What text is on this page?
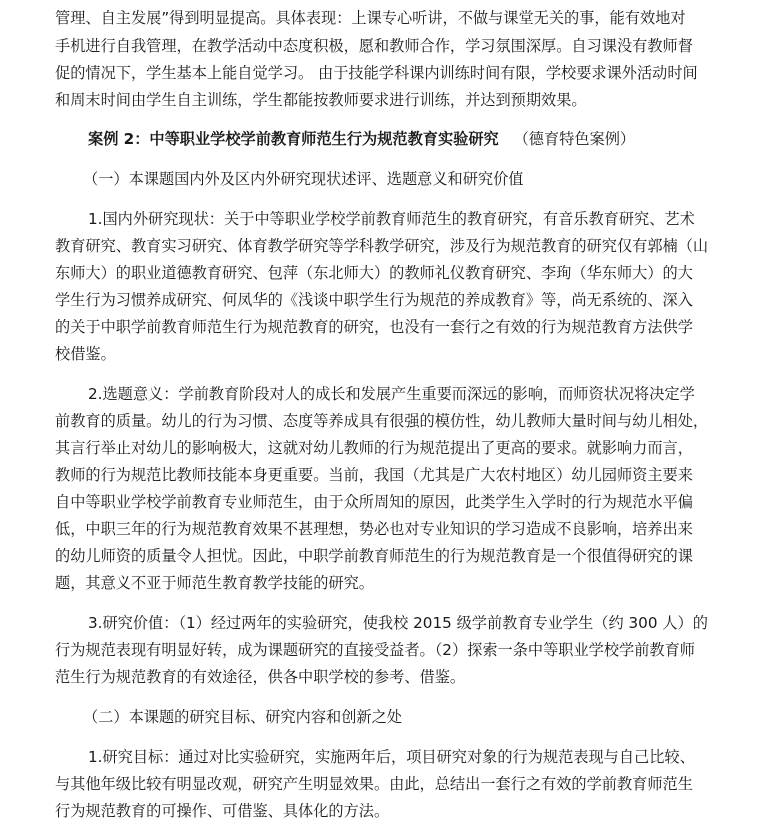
管理、自主发展”得到明显提高。具体表现：上课专心听讲，不做与课堂无关的事，能有效地对
手机进行自我管理，在教学活动中态度积极，愿和教师合作，学习氛围深厚。自习课没有教师督
促的情况下，学生基本上能自觉学习。 由于技能学科课内训练时间有限，学校要求课外活动时间
和周末时间由学生自主训练，学生都能按教师要求进行训练，并达到预期效果。
案例 2：中等职业学校学前教育师范生行为规范教育实验研究 （德育特色案例）
（一）本课题国内外及区内外研究现状述评、选题意义和研究价值
1.国内外研究现状：关于中等职业学校学前教育师范生的教育研究，有音乐教育研究、艺术
教育研究、教育实习研究、体育教学研究等学科教学研究，涉及行为规范教育的研究仅有郭楠（山
东师大）的职业道德教育研究、包萍（东北师大）的教师礼仪教育研究、李珣（华东师大）的大
学生行为习惯养成研究、何凤华的《浅谈中职学生行为规范的养成教育》等，尚无系统的、深入
的关于中职学前教育师范生行为规范教育的研究，也没有一套行之有效的行为规范教育方法供学
校借鉴。
2.选题意义：学前教育阶段对人的成长和发展产生重要而深远的影响，而师资状况将决定学
前教育的质量。幼儿的行为习惯、态度等养成具有很强的模仿性，幼儿教师大量时间与幼儿相处，
其言行举止对幼儿的影响极大，这就对幼儿教师的行为规范提出了更高的要求。就影响力而言，
教师的行为规范比教师技能本身更重要。当前，我国（尤其是广大农村地区）幼儿园师资主要来
自中等职业学校学前教育专业师范生，由于众所周知的原因，此类学生入学时的行为规范水平偏
低，中职三年的行为规范教育效果不甚理想，势必也对专业知识的学习造成不良影响，培养出来
的幼儿师资的质量令人担忧。因此，中职学前教育师范生的行为规范教育是一个很值得研究的课
题，其意义不亚于师范生教育教学技能的研究。
3.研究价值：（1）经过两年的实验研究，使我校 2015 级学前教育专业学生（约 300 人）的
行为规范表现有明显好转，成为课题研究的直接受益者。（2）探索一条中等职业学校学前教育师
范生行为规范教育的有效途径，供各中职学校的参考、借鉴。
（二）本课题的研究目标、研究内容和创新之处
1.研究目标：通过对比实验研究，实施两年后，项目研究对象的行为规范表现与自己比较、
与其他年级比较有明显改观，研究产生明显效果。由此，总结出一套行之有效的学前教育师范生
行为规范教育的可操作、可借鉴、具体化的方法。
